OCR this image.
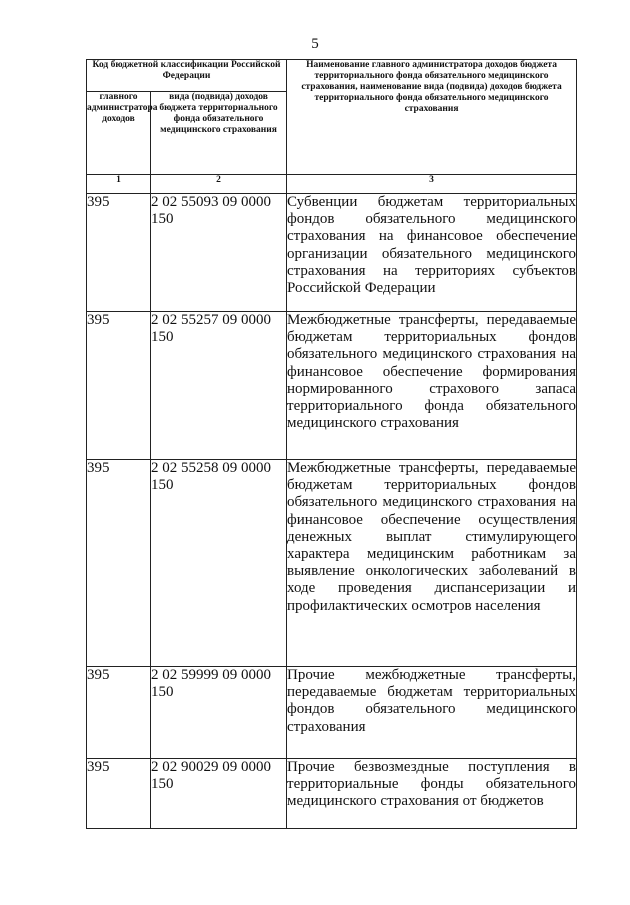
5
Код бюджетной классификации Российской Федерации		Наименование главного администратора доходов бюджета территориального фонда обязательного медицинского страхования, наименование вида (подвида) доходов бюджета территориального фонда обязательного медицинского страхования
главного администратора доходов	вида (подвида) доходов бюджета территориального фонда обязательного медицинского страхования	
1	2	3
395	2 02 55093 09 0000 150	Субвенции бюджетам территориальных фондов обязательного медицинского страхования на финансовое обеспечение организации обязательного медицинского страхования на территориях субъектов Российской Федерации
395	2 02 55257 09 0000 150	Межбюджетные трансферты, передаваемые бюджетам территориальных фондов обязательного медицинского страхования на финансовое обеспечение формирования нормированного страхового запаса территориального фонда обязательного медицинского страхования
395	2 02 55258 09 0000 150	Межбюджетные трансферты, передаваемые бюджетам территориальных фондов обязательного медицинского страхования на финансовое обеспечение осуществления денежных выплат стимулирующего характера медицинским работникам за выявление онкологических заболеваний в ходе проведения диспансеризации и профилактических осмотров населения
395	2 02 59999 09 0000 150	Прочие межбюджетные трансферты, передаваемые бюджетам территориальных фондов обязательного медицинского страхования
395	2 02 90029 09 0000 150	Прочие безвозмездные поступления в территориальные фонды обязательного медицинского страхования от бюджетов
